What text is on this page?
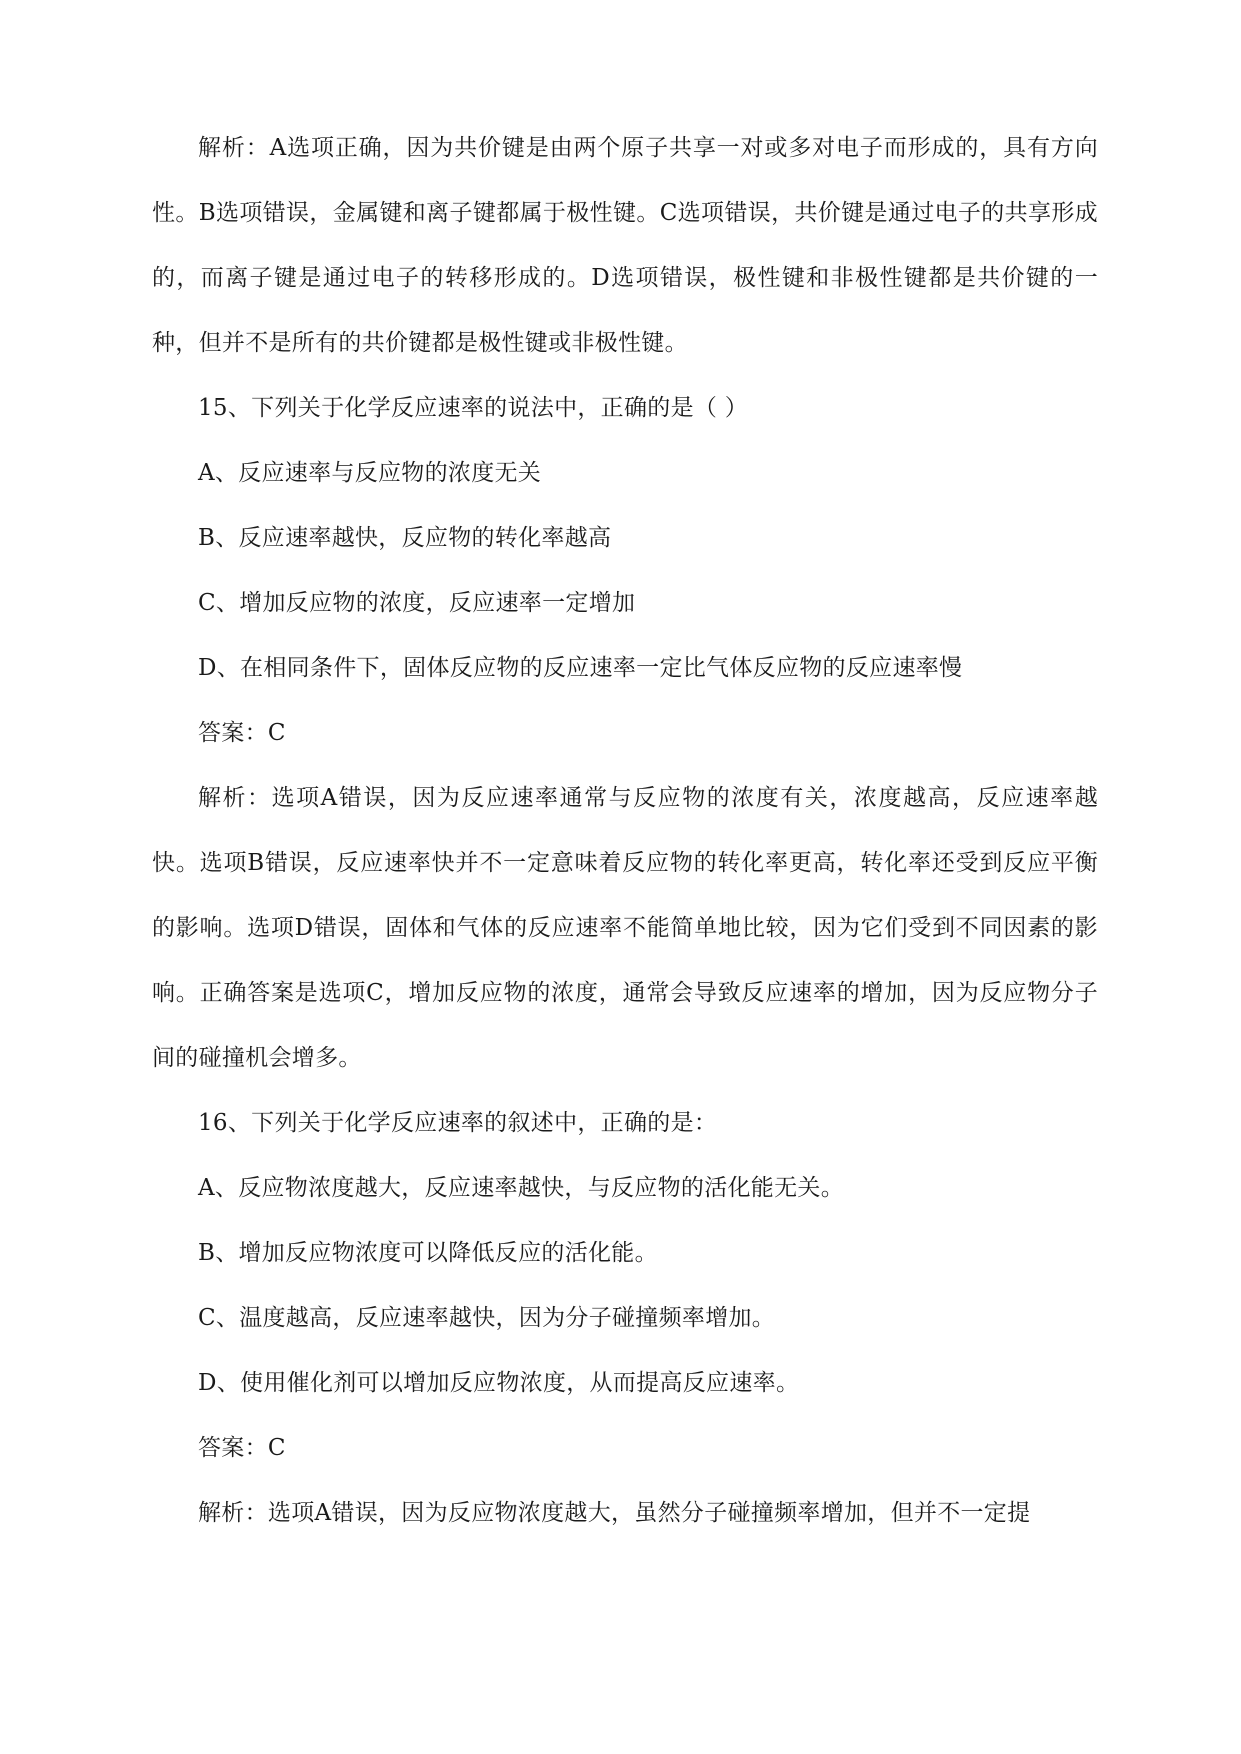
解析：A选项正确，因为共价键是由两个原子共享一对或多对电子而形成的，具有方向性。B选项错误，金属键和离子键都属于极性键。C选项错误，共价键是通过电子的共享形成的，而离子键是通过电子的转移形成的。D选项错误，极性键和非极性键都是共价键的一种，但并不是所有的共价键都是极性键或非极性键。

15、下列关于化学反应速率的说法中，正确的是（ ）

A、反应速率与反应物的浓度无关

B、反应速率越快，反应物的转化率越高

C、增加反应物的浓度，反应速率一定增加

D、在相同条件下，固体反应物的反应速率一定比气体反应物的反应速率慢

答案：C

解析：选项A错误，因为反应速率通常与反应物的浓度有关，浓度越高，反应速率越快。选项B错误，反应速率快并不一定意味着反应物的转化率更高，转化率还受到反应平衡的影响。选项D错误，固体和气体的反应速率不能简单地比较，因为它们受到不同因素的影响。正确答案是选项C，增加反应物的浓度，通常会导致反应速率的增加，因为反应物分子间的碰撞机会增多。

16、下列关于化学反应速率的叙述中，正确的是：

A、反应物浓度越大，反应速率越快，与反应物的活化能无关。

B、增加反应物浓度可以降低反应的活化能。

C、温度越高，反应速率越快，因为分子碰撞频率增加。

D、使用催化剂可以增加反应物浓度，从而提高反应速率。

答案：C

解析：选项A错误，因为反应物浓度越大，虽然分子碰撞频率增加，但并不一定提
